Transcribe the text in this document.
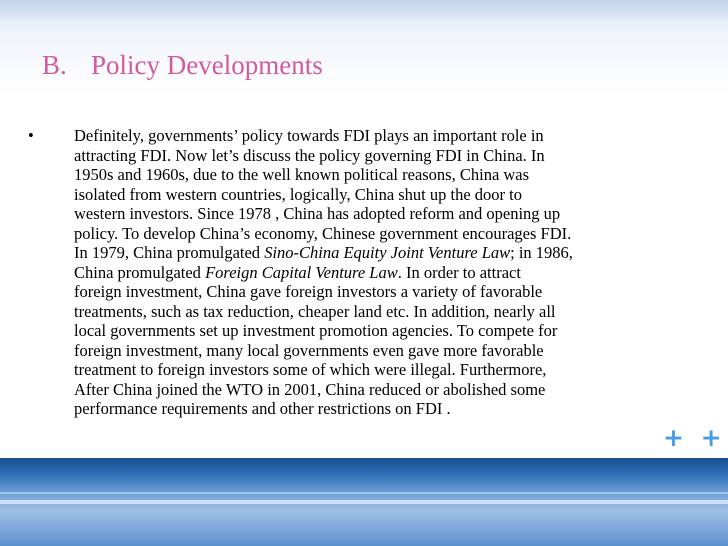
B. Policy Developments
• Definitely, governments’ policy towards FDI plays an important role in
attracting FDI. Now let’s discuss the policy governing FDI in China. In
1950s and 1960s, due to the well known political reasons, China was
isolated from western countries, logically, China shut up the door to
western investors. Since 1978 , China has adopted reform and opening up
policy. To develop China’s economy, Chinese government encourages FDI.
In 1979, China promulgated Sino-China Equity Joint Venture Law; in 1986,
China promulgated Foreign Capital Venture Law. In order to attract
foreign investment, China gave foreign investors a variety of favorable
treatments, such as tax reduction, cheaper land etc. In addition, nearly all
local governments set up investment promotion agencies. To compete for
foreign investment, many local governments even gave more favorable
treatment to foreign investors some of which were illegal. Furthermore,
After China joined the WTO in 2001, China reduced or abolished some
performance requirements and other restrictions on FDI .
+ +
